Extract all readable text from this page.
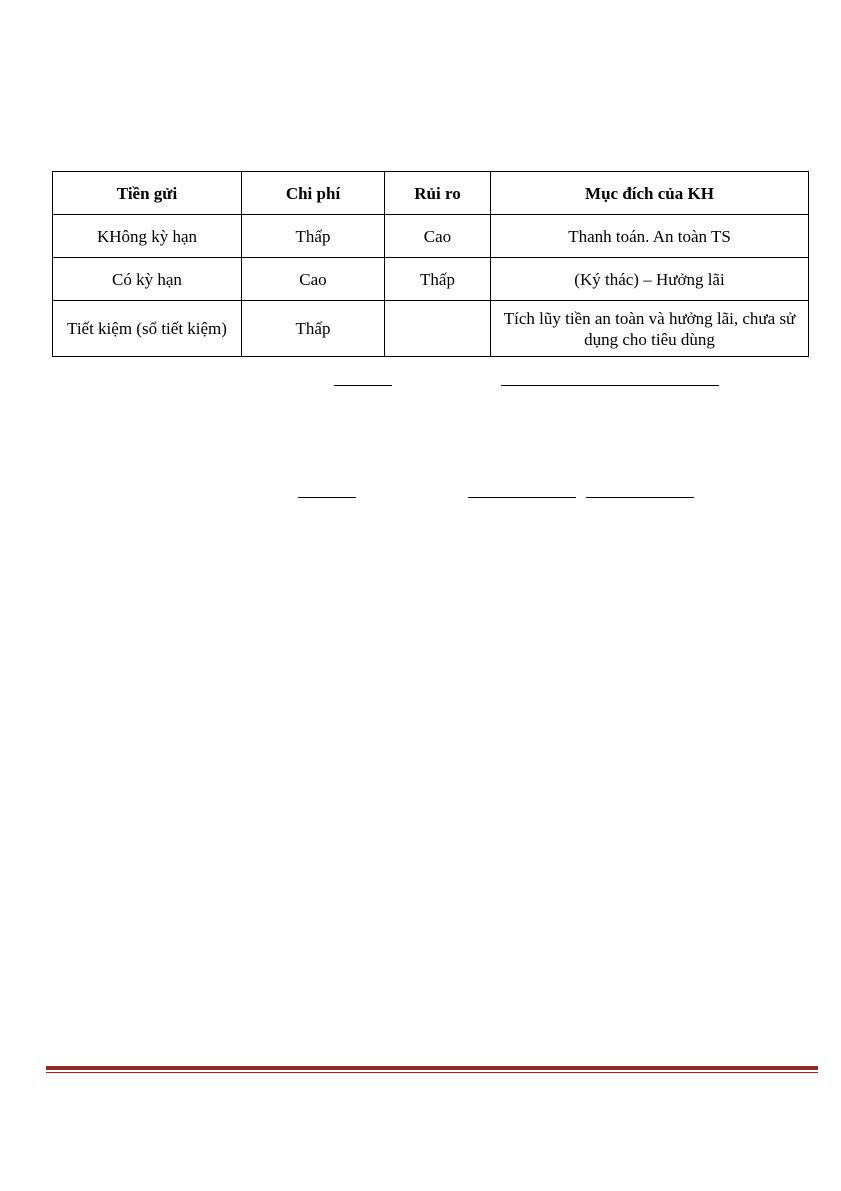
Tiền gửi	Chi phí	Rủi ro	Mục đích của KH
KHông kỳ hạn	Thấp	Cao	Thanh toán. An toàn TS
Có kỳ hạn	Cao	Thấp	(Ký thác) – Hưởng lãi
Tiết kiệm (sổ tiết kiệm)	Thấp		Tích lũy tiền an toàn và hưởng lãi, chưa sử dụng cho tiêu dùng
